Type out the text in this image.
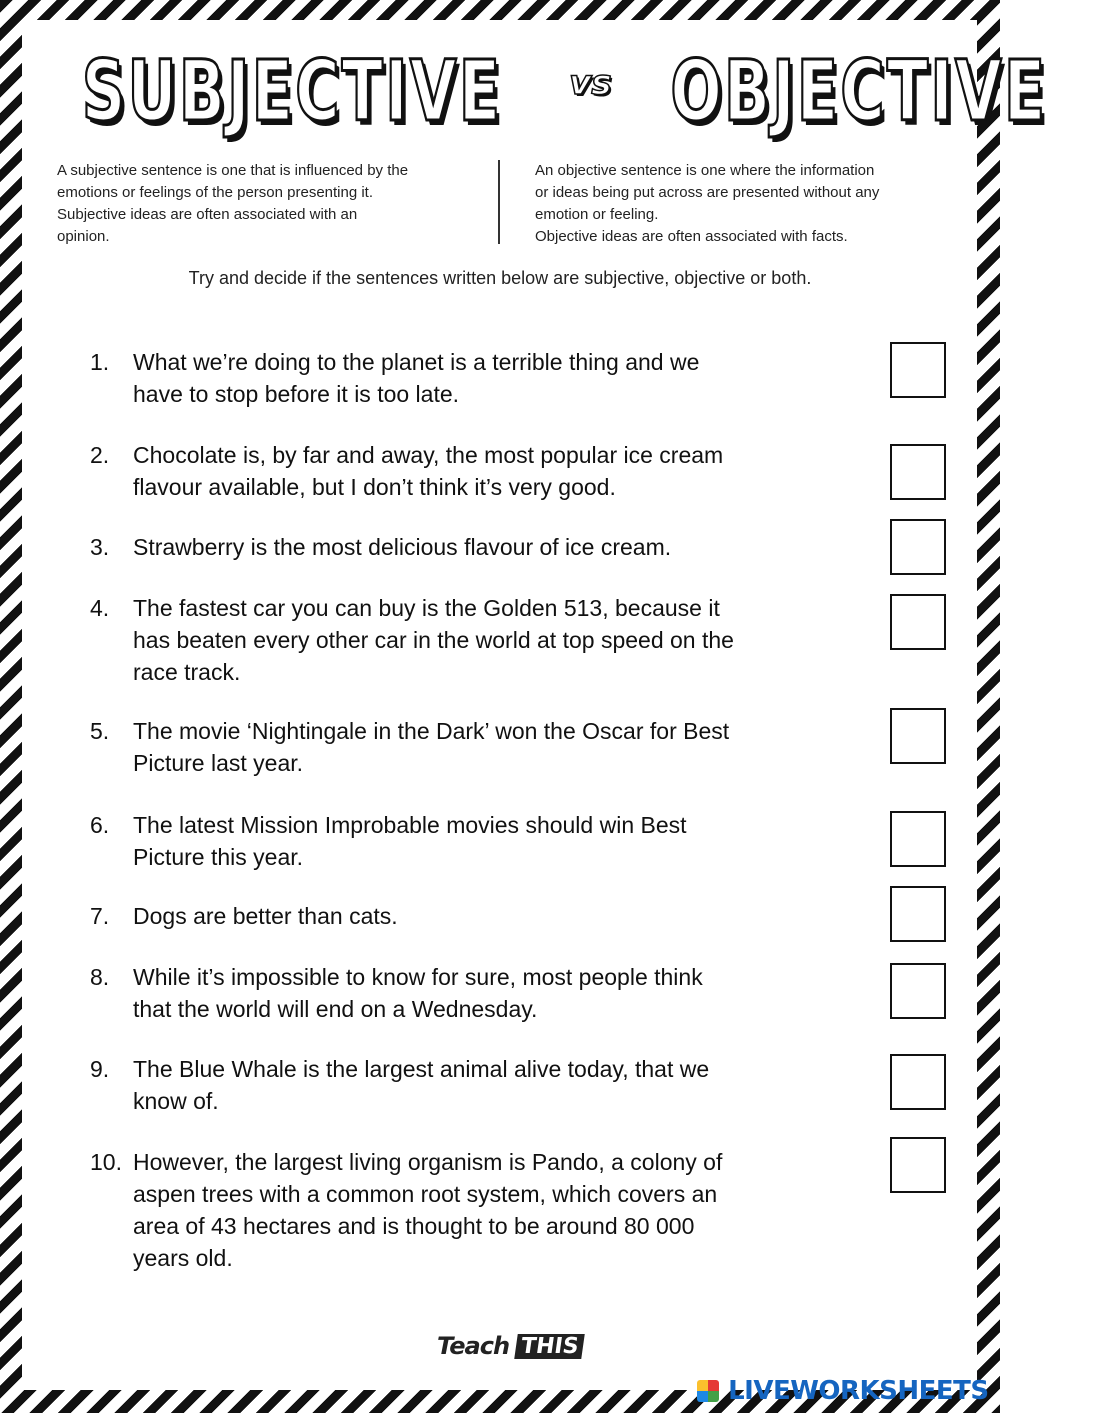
SUBJECTIVE vs OBJECTIVE

A subjective sentence is one that is influenced by the

emotions or feelings of the person presenting it.

Subjective ideas are often associated with an

opinion.

An objective sentence is one where the information

or ideas being put across are presented without any

emotion or feeling.

Objective ideas are often associated with facts.

Try and decide if the sentences written below are subjective, objective or both.
1.	What we’re doing to the planet is a terrible thing and we
have to stop before it is too late.
2.	Chocolate is, by far and away, the most popular ice cream
flavour available, but I don’t think it’s very good.
3.	Strawberry is the most delicious flavour of ice cream.
4.	The fastest car you can buy is the Golden 513, because it
has beaten every other car in the world at top speed on the
race track.
5.	The movie ‘Nightingale in the Dark’ won the Oscar for Best
Picture last year.
6.	The latest Mission Improbable movies should win Best
Picture this year.
7.	Dogs are better than cats.
8.	While it’s impossible to know for sure, most people think
that the world will end on a Wednesday.
9.	The Blue Whale is the largest animal alive today, that we
know of.
10. However, the largest living organism is Pando, a colony of
aspen trees with a common root system, which covers an
area of 43 hectares and is thought to be around 80 000
years old.
Teach THIS
LIVEWORKSHEETS
